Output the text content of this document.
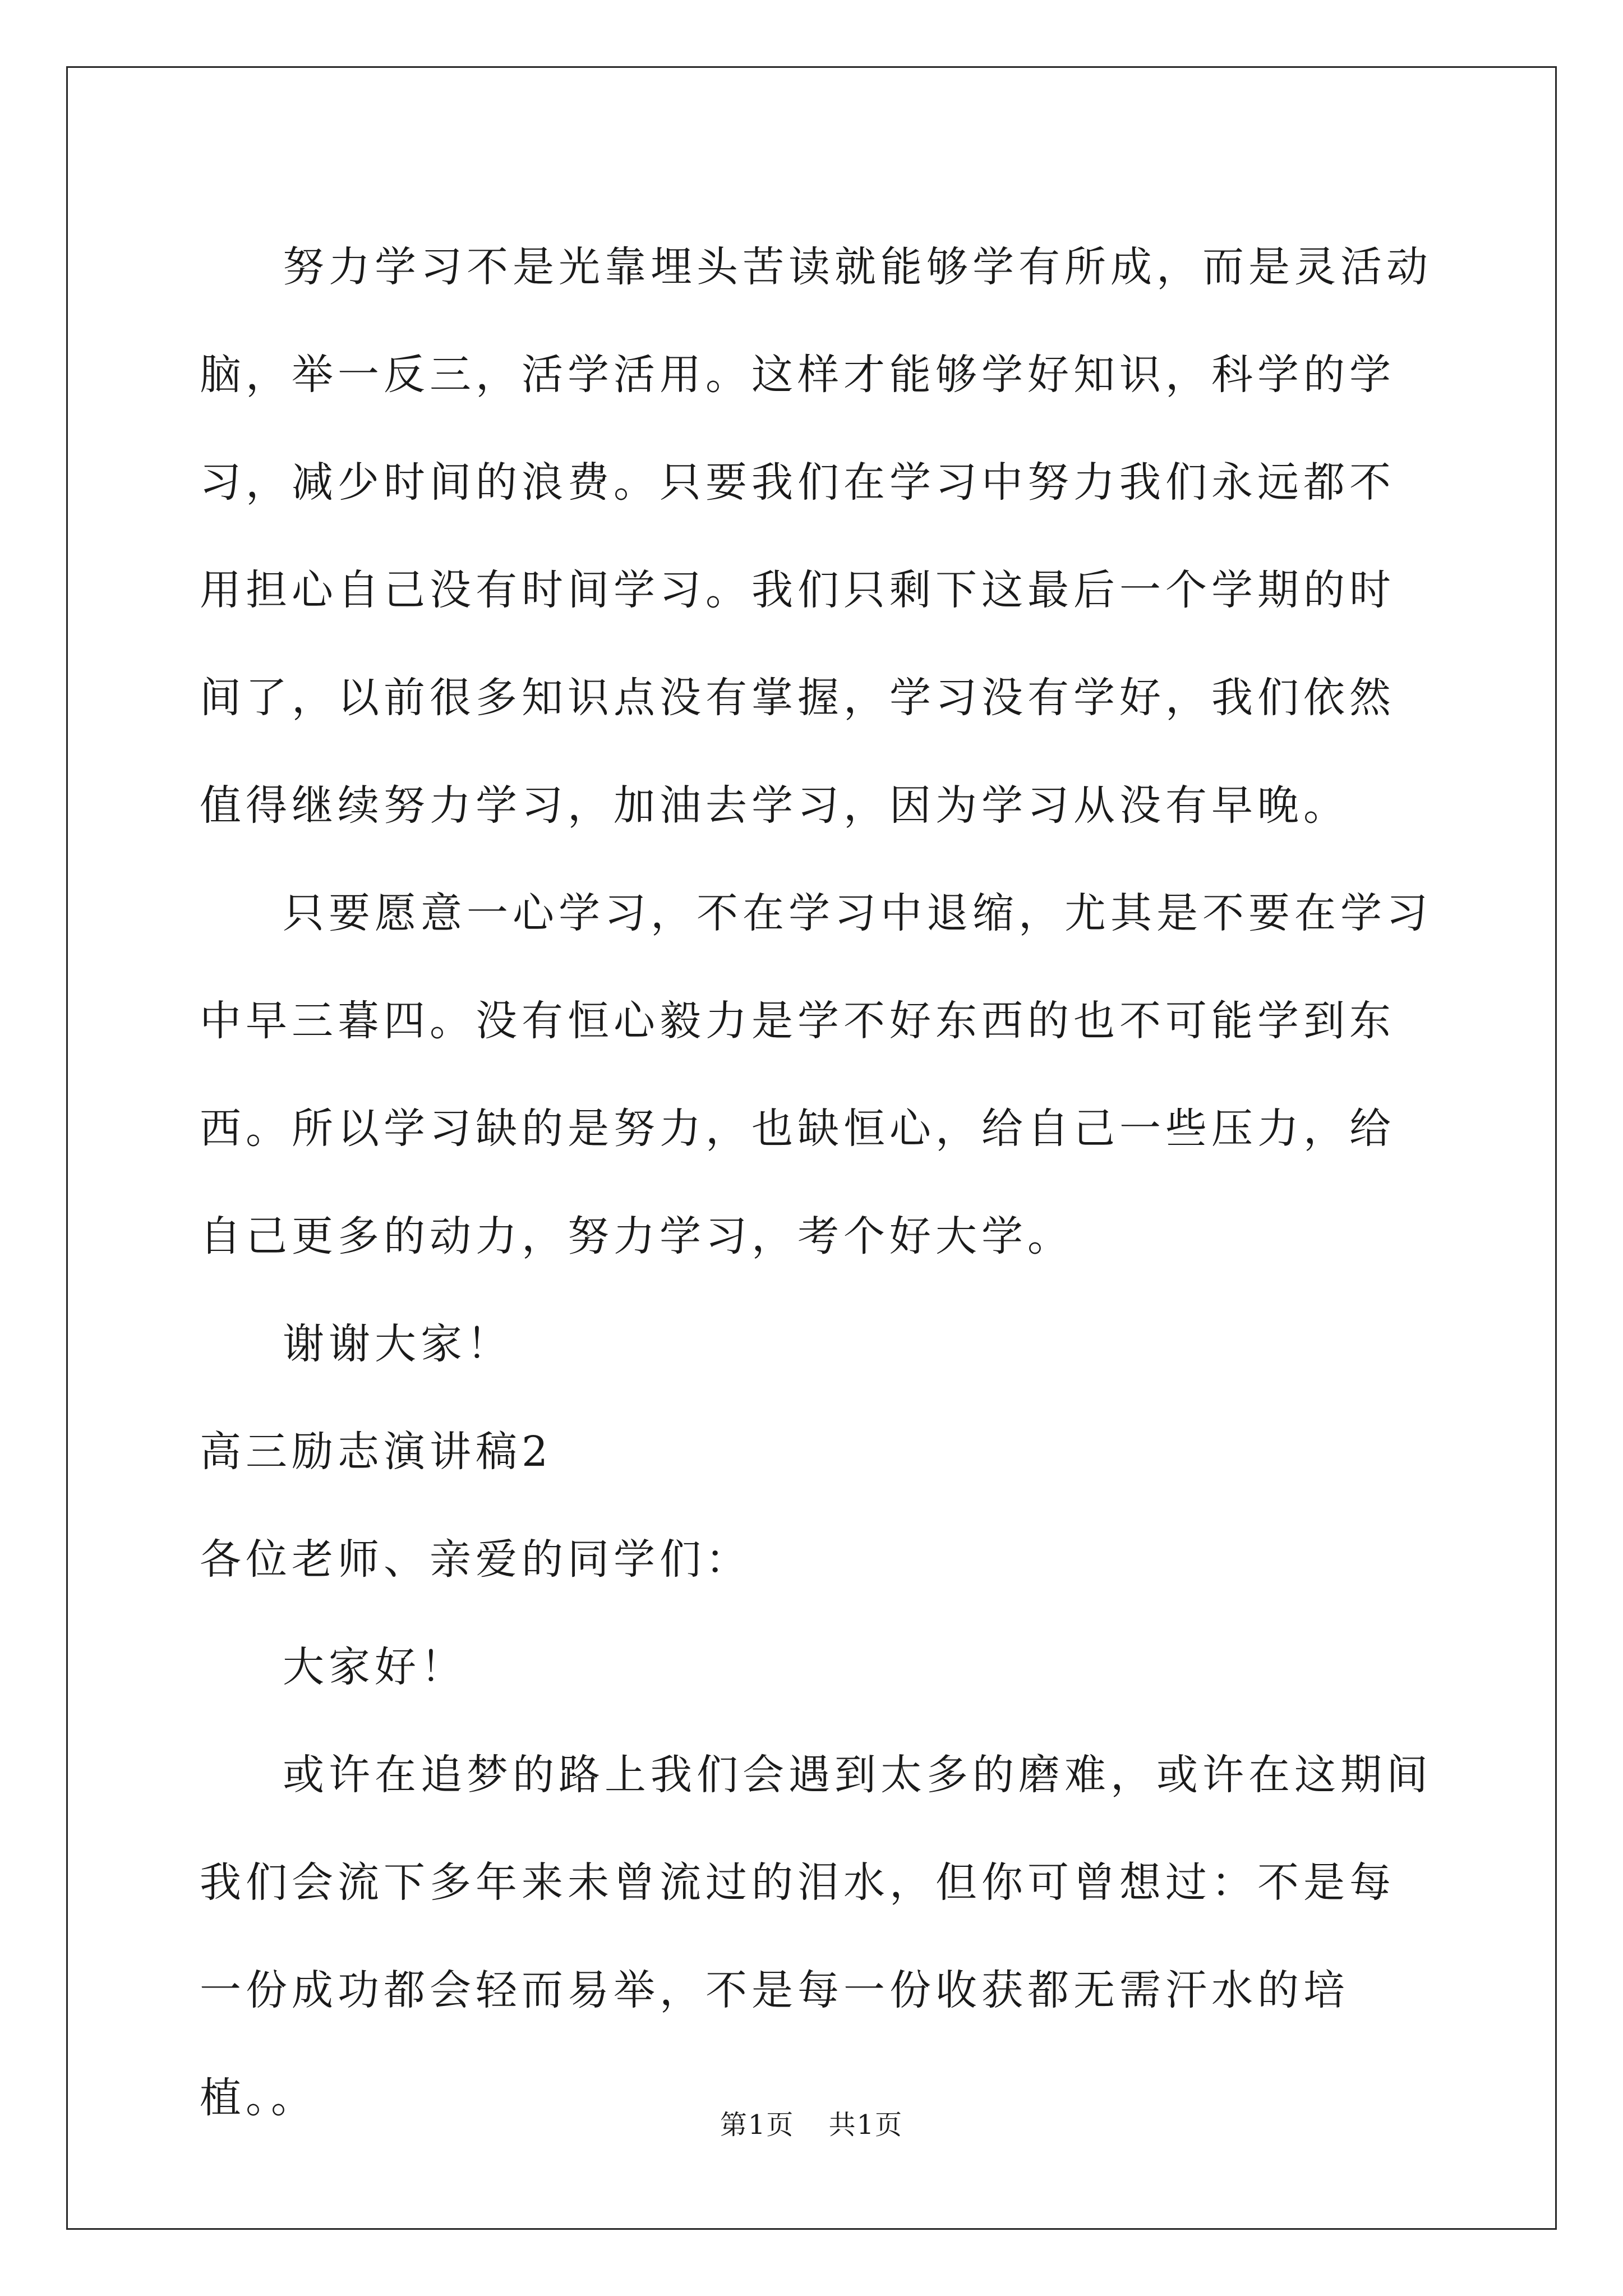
努力学习不是光靠埋头苦读就能够学有所成，而是灵活动脑，举一反三，活学活用。这样才能够学好知识，科学的学习，减少时间的浪费。只要我们在学习中努力我们永远都不用担心自己没有时间学习。我们只剩下这最后一个学期的时间了，以前很多知识点没有掌握，学习没有学好，我们依然值得继续努力学习，加油去学习，因为学习从没有早晚。

只要愿意一心学习，不在学习中退缩，尤其是不要在学习中早三暮四。没有恒心毅力是学不好东西的也不可能学到东西。所以学习缺的是努力，也缺恒心，给自己一些压力，给自己更多的动力，努力学习，考个好大学。

谢谢大家！

高三励志演讲稿2

各位老师、亲爱的同学们：

大家好！

或许在追梦的路上我们会遇到太多的磨难，或许在这期间我们会流下多年来未曾流过的泪水，但你可曾想过：不是每一份成功都会轻而易举，不是每一份收获都无需汗水的培植。。

第1页 共1页
